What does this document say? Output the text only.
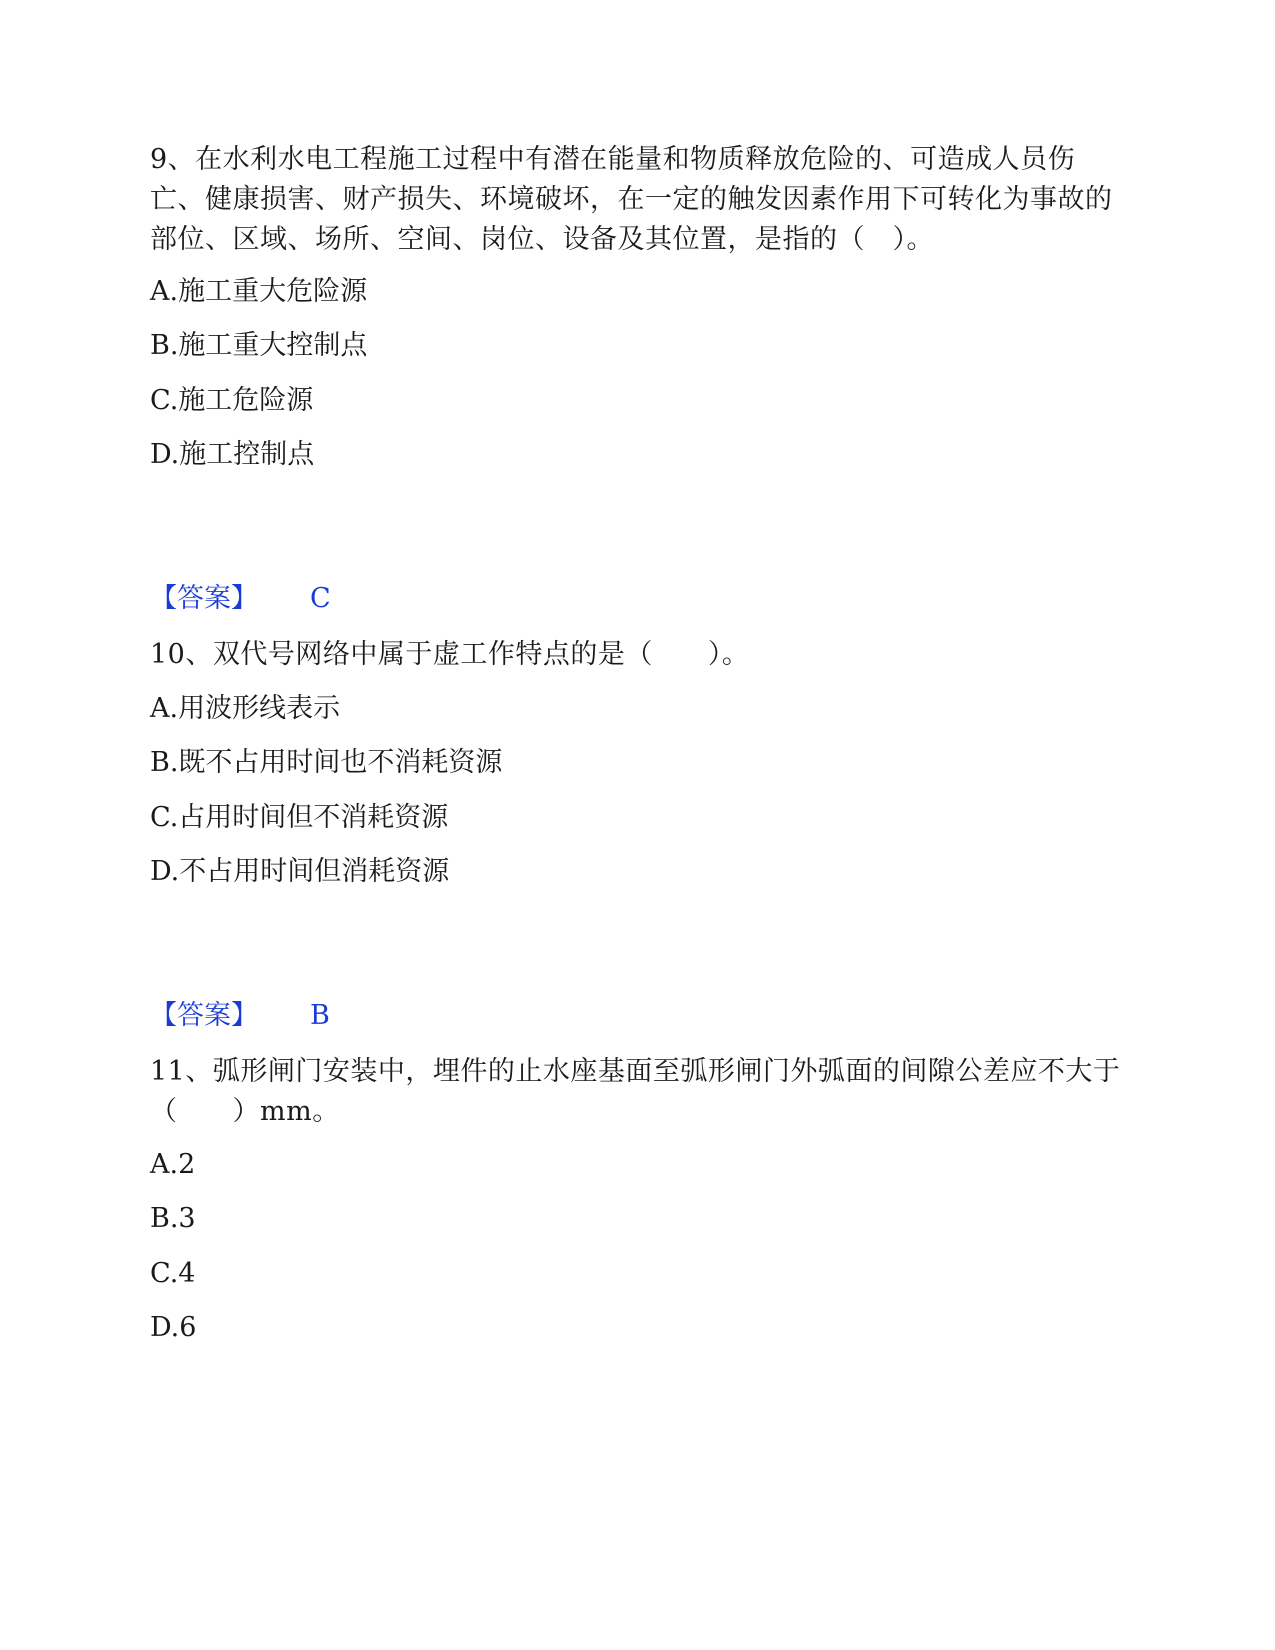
9、在水利水电工程施工过程中有潜在能量和物质释放危险的、可造成人员伤亡、健康损害、财产损失、环境破坏，在一定的触发因素作用下可转化为事故的部位、区域、场所、空间、岗位、设备及其位置，是指的（　）。

A.施工重大危险源

B.施工重大控制点

C.施工危险源

D.施工控制点

【答案】 C

10、双代号网络中属于虚工作特点的是（　　）。

A.用波形线表示

B.既不占用时间也不消耗资源

C.占用时间但不消耗资源

D.不占用时间但消耗资源

【答案】 B

11、弧形闸门安装中，埋件的止水座基面至弧形闸门外弧面的间隙公差应不大于（　　）mm。

A.2

B.3

C.4

D.6
